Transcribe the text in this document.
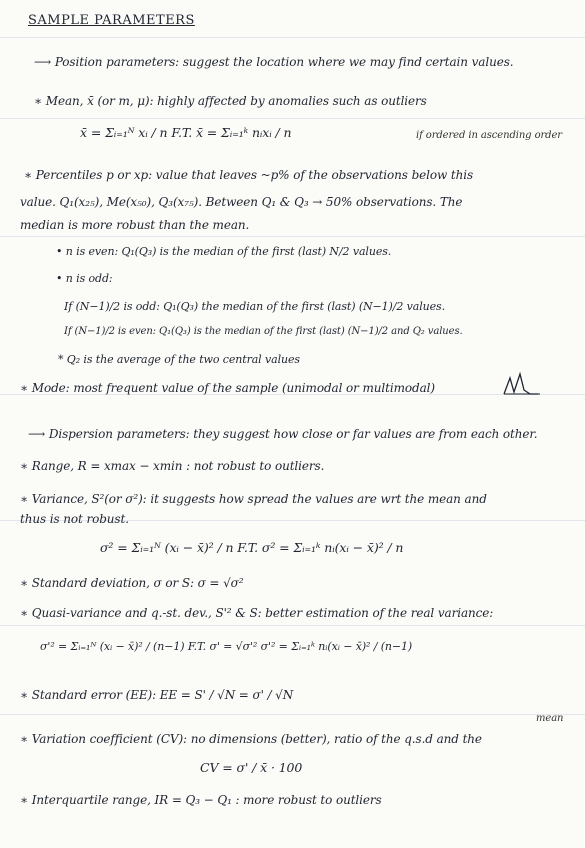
SAMPLE PARAMETERS
⟶ Position parameters: suggest the location where we may find certain values.
∗ Mean, x̄ (or m, μ): highly affected by anomalies such as outliers
x̄ = Σᵢ₌₁ᴺ xᵢ / n F.T. x̄ = Σᵢ₌₁ᵏ nᵢxᵢ / n	if ordered in ascending order
∗ Percentiles p or xp: value that leaves ~p% of the observations below this
value. Q₁(x₂₅), Me(x₅₀), Q₃(x₇₅). Between Q₁ & Q₃ → 50% observations. The
median is more robust than the mean.
• n is even: Q₁(Q₃) is the median of the first (last) N/2 values.
• n is odd:
If (N−1)/2 is odd: Q₁(Q₃) the median of the first (last) (N−1)/2 values.
If (N−1)/2 is even: Q₁(Q₃) is the median of the first (last) (N−1)/2 and Q₂ values.
* Q₂ is the average of the two central values
∗ Mode: most frequent value of the sample (unimodal or multimodal)
⟶ Dispersion parameters: they suggest how close or far values are from each other.
∗ Range, R = xmax − xmin : not robust to outliers.
∗ Variance, S²(or σ²): it suggests how spread the values are wrt the mean and
thus is not robust.
σ² = Σᵢ₌₁ᴺ (xᵢ − x̄)² / n F.T. σ² = Σᵢ₌₁ᵏ nᵢ(xᵢ − x̄)² / n
∗ Standard deviation, σ or S: σ = √σ²
∗ Quasi-variance and q.-st. dev., S'² & S: better estimation of the real variance:
σ'² = Σᵢ₌₁ᴺ (xᵢ − x̄)² / (n−1) F.T. σ' = √σ'² σ'² = Σᵢ₌₁ᵏ nᵢ(xᵢ − x̄)² / (n−1)
∗ Standard error (EE): EE = S' / √N = σ' / √N
mean
∗ Variation coefficient (CV): no dimensions (better), ratio of the q.s.d and the
CV = σ' / x̄ · 100
∗ Interquartile range, IR = Q₃ − Q₁ : more robust to outliers
